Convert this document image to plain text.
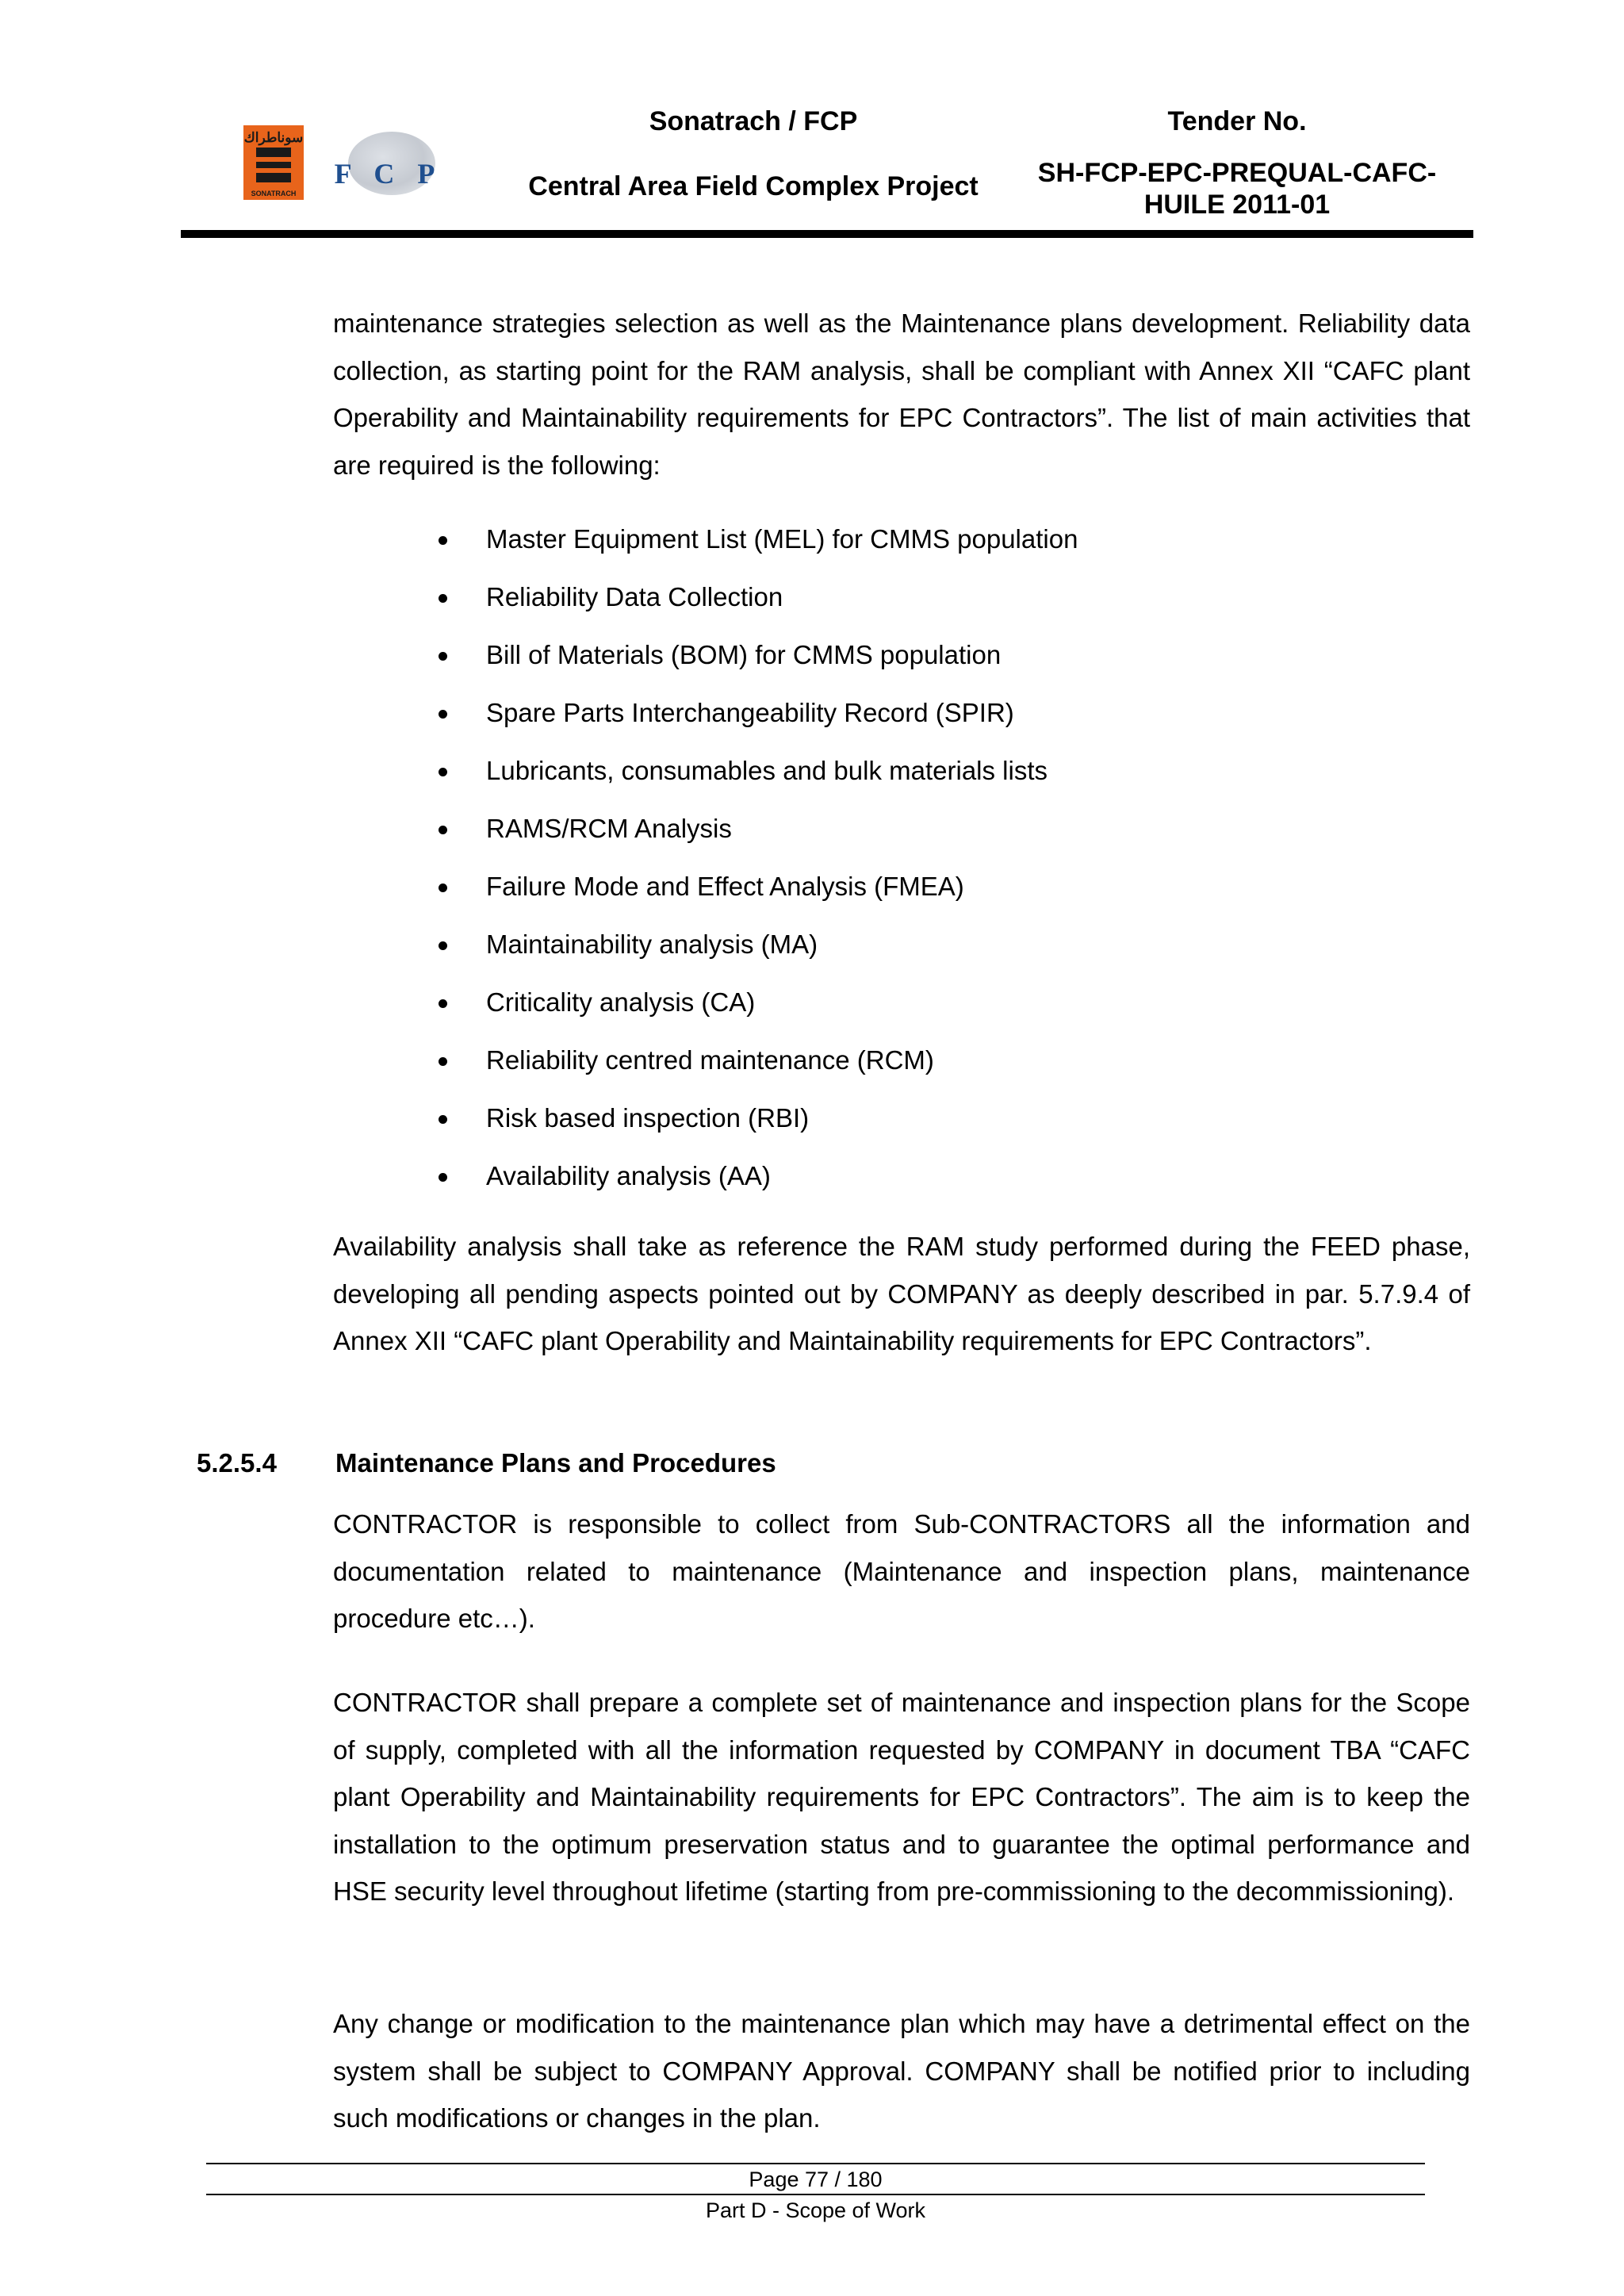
سوناطراك
SONATRACH
F C P
Sonatrach / FCP
Central Area Field Complex Project
Tender No.
SH-FCP-EPC-PREQUAL-CAFC-
HUILE 2011-01

maintenance strategies selection as well as the Maintenance plans development. Reliability data collection, as starting point for the RAM analysis, shall be compliant with Annex XII “CAFC plant Operability and Maintainability requirements for EPC Contractors”. The list of main activities that are required is the following:

Master Equipment List (MEL) for CMMS population
Reliability Data Collection
Bill of Materials (BOM) for CMMS population
Spare Parts Interchangeability Record (SPIR)
Lubricants, consumables and bulk materials lists
RAMS/RCM Analysis
Failure Mode and Effect Analysis (FMEA)
Maintainability analysis (MA)
Criticality analysis (CA)
Reliability centred maintenance (RCM)
Risk based inspection (RBI)
Availability analysis (AA)

Availability analysis shall take as reference the RAM study performed during the FEED phase, developing all pending aspects pointed out by COMPANY as deeply described in par. 5.7.9.4 of Annex XII “CAFC plant Operability and Maintainability requirements for EPC Contractors”.

5.2.5.4 Maintenance Plans and Procedures

CONTRACTOR is responsible to collect from Sub-CONTRACTORS all the information and documentation related to maintenance (Maintenance and inspection plans, maintenance procedure etc…).

CONTRACTOR shall prepare a complete set of maintenance and inspection plans for the Scope of supply, completed with all the information requested by COMPANY in document TBA “CAFC plant Operability and Maintainability requirements for EPC Contractors”. The aim is to keep the installation to the optimum preservation status and to guarantee the optimal performance and HSE security level throughout lifetime (starting from pre-commissioning to the decommissioning).

Any change or modification to the maintenance plan which may have a detrimental effect on the system shall be subject to COMPANY Approval. COMPANY shall be notified prior to including such modifications or changes in the plan.

Page 77 / 180
Part D - Scope of Work
